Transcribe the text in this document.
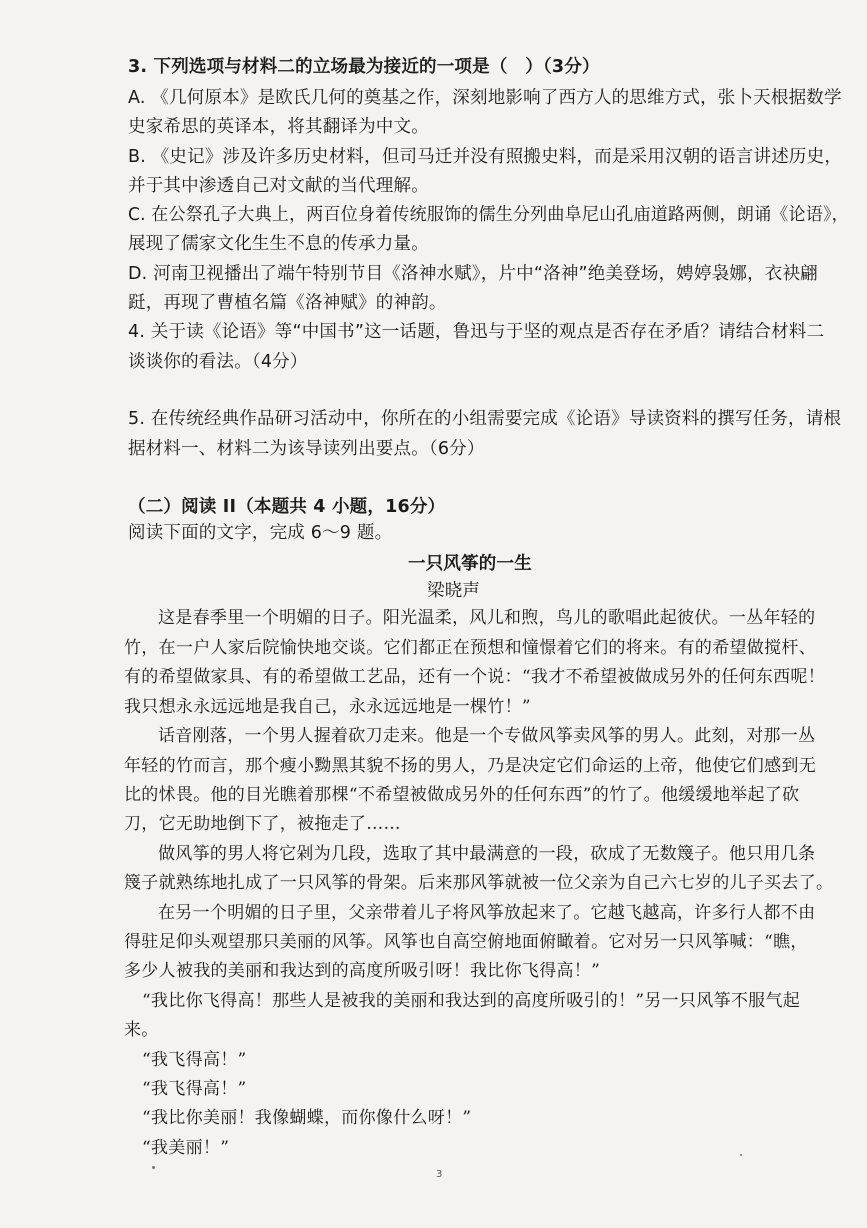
3. 下列选项与材料二的立场最为接近的一项是（　）（3分）
A. 《几何原本》是欧氏几何的奠基之作，深刻地影响了西方人的思维方式，张卜天根据数学
史家希思的英译本，将其翻译为中文。
B. 《史记》涉及许多历史材料，但司马迁并没有照搬史料，而是采用汉朝的语言讲述历史，
并于其中渗透自己对文献的当代理解。
C. 在公祭孔子大典上，两百位身着传统服饰的儒生分列曲阜尼山孔庙道路两侧，朗诵《论语》，
展现了儒家文化生生不息的传承力量。
D. 河南卫视播出了端午特别节目《洛神水赋》，片中“洛神”绝美登场，娉婷袅娜，衣袂翩
跹，再现了曹植名篇《洛神赋》的神韵。
4. 关于读《论语》等“中国书”这一话题，鲁迅与于坚的观点是否存在矛盾？请结合材料二
谈谈你的看法。（4分）
5. 在传统经典作品研习活动中，你所在的小组需要完成《论语》导读资料的撰写任务，请根
据材料一、材料二为该导读列出要点。（6分）
（二）阅读 II（本题共 4 小题，16分）
阅读下面的文字，完成 6～9 题。
一只风筝的一生
梁晓声
这是春季里一个明媚的日子。阳光温柔，风儿和煦，鸟儿的歌唱此起彼伏。一丛年轻的
竹，在一户人家后院愉快地交谈。它们都正在预想和憧憬着它们的将来。有的希望做搅杆、
有的希望做家具、有的希望做工艺品，还有一个说：“我才不希望被做成另外的任何东西呢！
我只想永永远远地是我自己，永永远远地是一棵竹！”
话音刚落，一个男人握着砍刀走来。他是一个专做风筝卖风筝的男人。此刻，对那一丛
年轻的竹而言，那个瘦小黝黑其貌不扬的男人，乃是决定它们命运的上帝，他使它们感到无
比的怵畏。他的目光瞧着那棵“不希望被做成另外的任何东西”的竹了。他缓缓地举起了砍
刀，它无助地倒下了，被拖走了……
做风筝的男人将它剁为几段，选取了其中最满意的一段，砍成了无数篾子。他只用几条
篾子就熟练地扎成了一只风筝的骨架。后来那风筝就被一位父亲为自己六七岁的儿子买去了。
在另一个明媚的日子里，父亲带着儿子将风筝放起来了。它越飞越高，许多行人都不由
得驻足仰头观望那只美丽的风筝。风筝也自高空俯地面俯瞰着。它对另一只风筝喊：“瞧，
多少人被我的美丽和我达到的高度所吸引呀！我比你飞得高！”
“我比你飞得高！那些人是被我的美丽和我达到的高度所吸引的！”另一只风筝不服气起
来。
“我飞得高！”
“我飞得高！”
“我比你美丽！我像蝴蝶，而你像什么呀！”
“我美丽！”
3
